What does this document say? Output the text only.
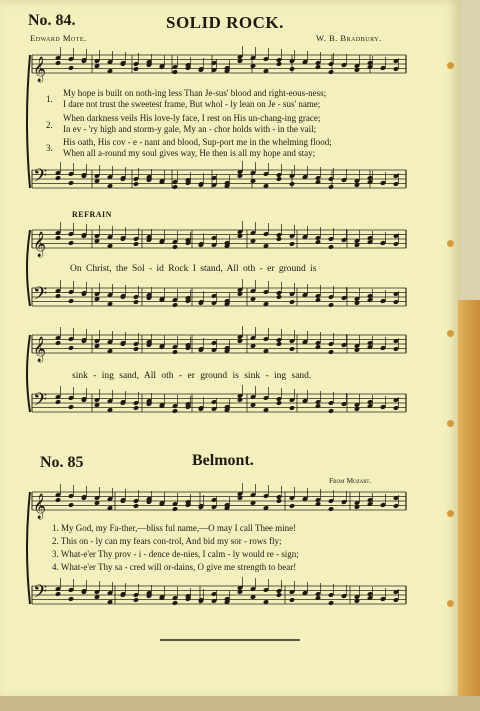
𝄞
𝄢
𝄞
𝄢
𝄞
𝄢
𝄞
𝄢
No. 84.	SOLID ROCK.
Edward Mote.	W. B. Bradbury.
1.
My hope is built on noth-ing less Than Je-sus' blood and right-eous-ness;
I dare not trust the sweetest frame, But whol - ly lean on Je - sus' name;
2.
When darkness veils His love-ly face, I rest on His un-chang-ing grace;
In ev - 'ry high and storm-y gale, My an - chor holds with - in the vail;
3.
His oath, His cov - e - nant and blood, Sup-port me in the whelming flood;
When all a-round my soul gives way, He then is all my hope and stay;
REFRAIN
On Christ, the Sol - id Rock I stand, All oth - er ground is
sink - ing sand, All oth - er ground is sink - ing sand.
No. 85	Belmont.
From Mozart.
1. My God, my Fa-ther,—bliss ful name,—O may I call Thee mine!
2. This on - ly can my fears con-trol, And bid my sor - rows fly;
3. What-e'er Thy prov - i - dence de-nies, I calm - ly would re - sign;
4. What-e'er Thy sa - cred will or-dains, O give me strength to bear!
